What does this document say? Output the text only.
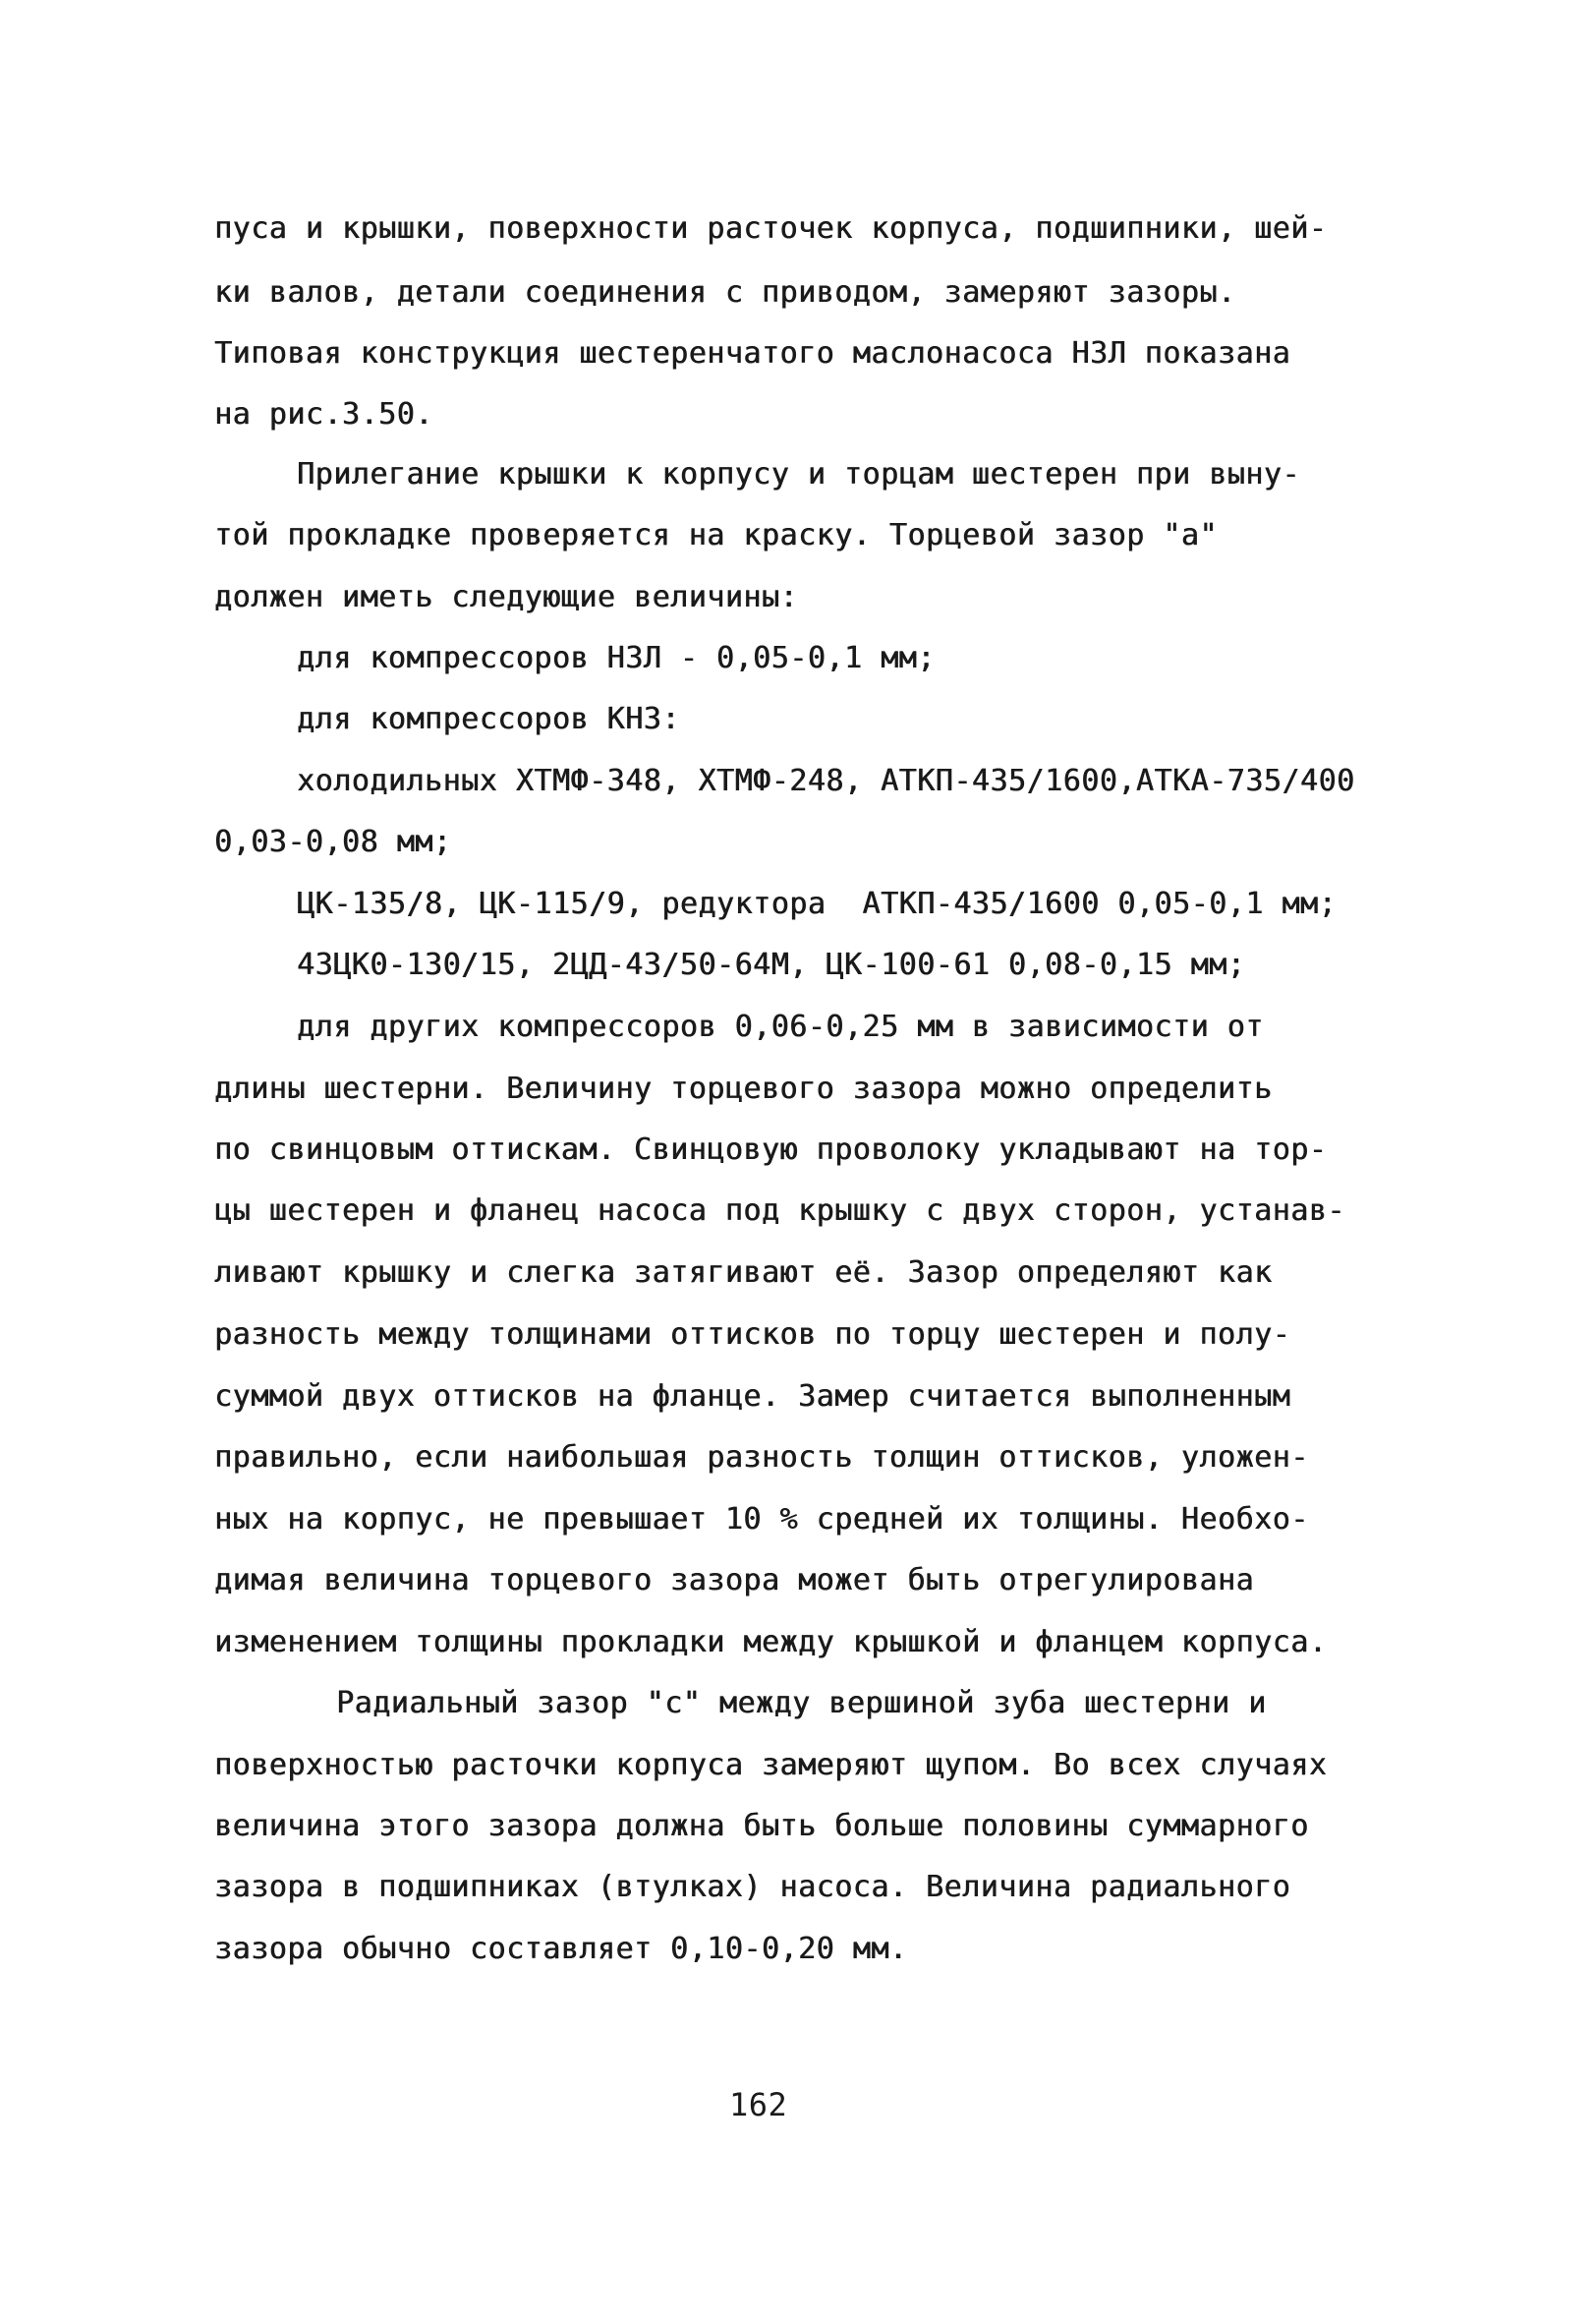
пуса и крышки, поверхности расточек корпуса, подшипники, шей-
ки валов, детали соединения с приводом, замеряют зазоры.
Типовая конструкция шестеренчатого маслонасоса НЗЛ показана
на рис.3.50.
Прилегание крышки к корпусу и торцам шестерен при вынy-
той прокладке проверяется на краску. Торцевой зазор "а"
должен иметь следующие величины:
для компрессоров НЗЛ - 0,05-0,1 мм;
для компрессоров КНЗ:
холодильных ХТМФ-348, ХТМФ-248, АТКП-435/1600,АТКА-735/400
0,03-0,08 мм;
ЦК-135/8, ЦК-115/9, редуктора  АТКП-435/1600 0,05-0,1 мм;
43ЦК0-130/15, 2ЦД-43/50-64М, ЦК-100-61 0,08-0,15 мм;
для других компрессоров 0,06-0,25 мм в зависимости от
длины шестерни. Величину торцевого зазора можно определить
по свинцовым оттискам. Свинцовую проволоку укладывают на тор-
цы шестерен и фланец насоса под крышку с двух сторон, устанав-
ливают крышку и слегка затягивают её. Зазор определяют как
разность между толщинами оттисков по торцу шестерен и полу-
суммой двух оттисков на фланце. Замер считается выполненным
правильно, если наибольшая разность толщин оттисков, уложен-
ных на корпус, не превышает 10 % средней их толщины. Необхо-
димая величина торцевого зазора может быть отрегулирована
изменением толщины прокладки между крышкой и фланцем корпуса.
Радиальный зазор "с" между вершиной зуба шестерни и
поверхностью расточки корпуса замеряют щупом. Во всех случаях
величина этого зазора должна быть больше половины суммарного
зазора в подшипниках (втулках) насоса. Величина радиального
зазора обычно составляет 0,10-0,20 мм.
162
